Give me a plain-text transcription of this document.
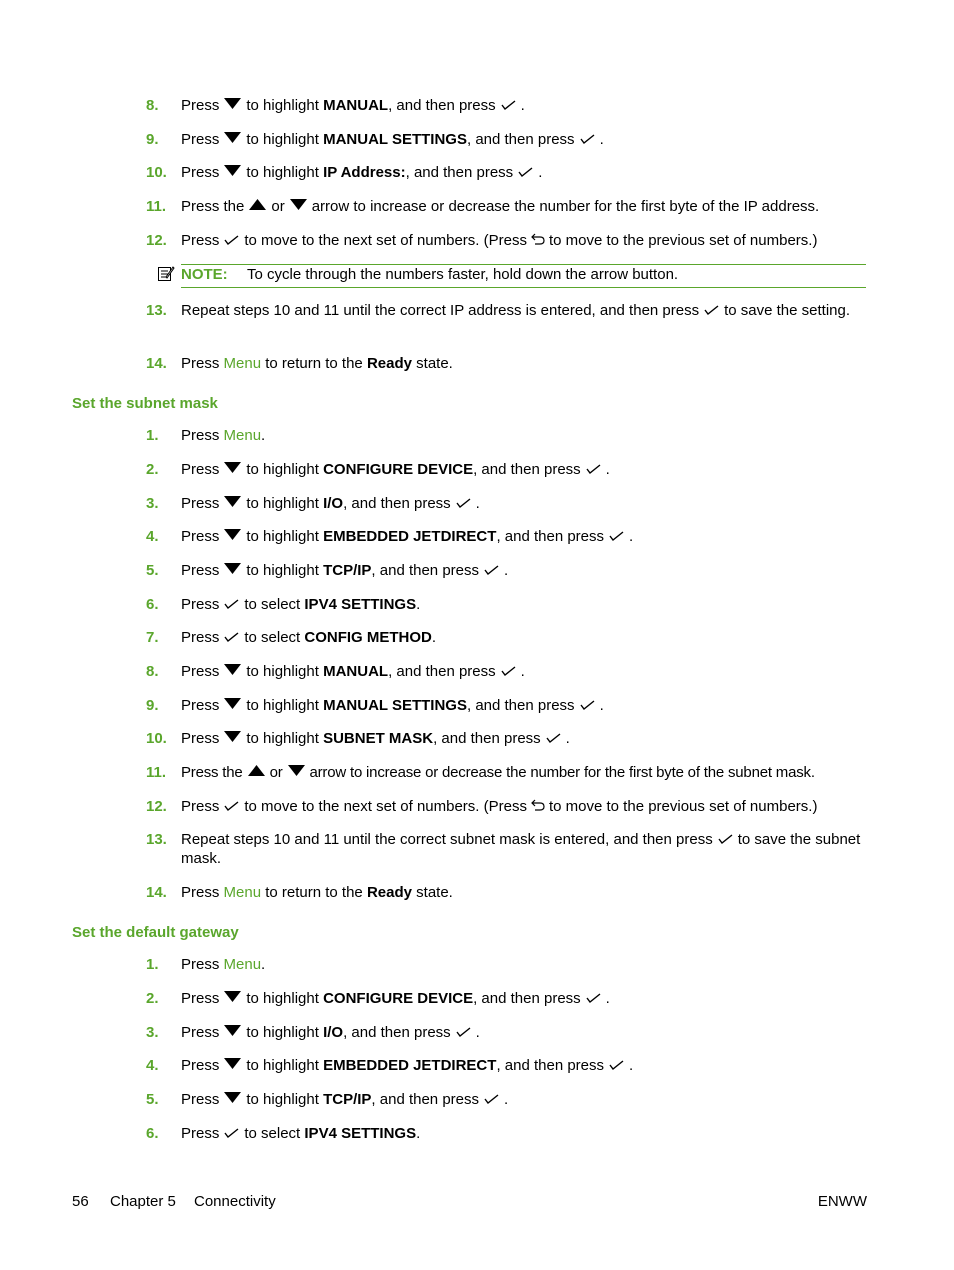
8.	Press to highlight MANUAL, and then press .
9.	Press to highlight MANUAL SETTINGS, and then press .
10. Press to highlight IP Address:, and then press .
11. Press the or arrow to increase or decrease the number for the first byte of the IP address.
12. Press to move to the next set of numbers. (Press to move to the previous set of numbers.)
NOTE: To cycle through the numbers faster, hold down the arrow button.
13. Repeat steps 10 and 11 until the correct IP address is entered, and then press to save the setting.
14. Press Menu to return to the Ready state.
Set the subnet mask
1.	Press Menu.
2.	Press to highlight CONFIGURE DEVICE, and then press .
3.	Press to highlight I/O, and then press .
4.	Press to highlight EMBEDDED JETDIRECT, and then press .
5.	Press to highlight TCP/IP, and then press .
6.	Press to select IPV4 SETTINGS.
7.	Press to select CONFIG METHOD.
8.	Press to highlight MANUAL, and then press .
9.	Press to highlight MANUAL SETTINGS, and then press .
10. Press to highlight SUBNET MASK, and then press .
11. Press the or arrow to increase or decrease the number for the first byte of the subnet mask.
12. Press to move to the next set of numbers. (Press to move to the previous set of numbers.)
13. Repeat steps 10 and 11 until the correct subnet mask is entered, and then press to save the subnet mask.
14. Press Menu to return to the Ready state.
Set the default gateway
1.	Press Menu.
2.	Press to highlight CONFIGURE DEVICE, and then press .
3.	Press to highlight I/O, and then press .
4.	Press to highlight EMBEDDED JETDIRECT, and then press .
5.	Press to highlight TCP/IP, and then press .
6.	Press to select IPV4 SETTINGS.
56 Chapter 5 Connectivity	ENWW
